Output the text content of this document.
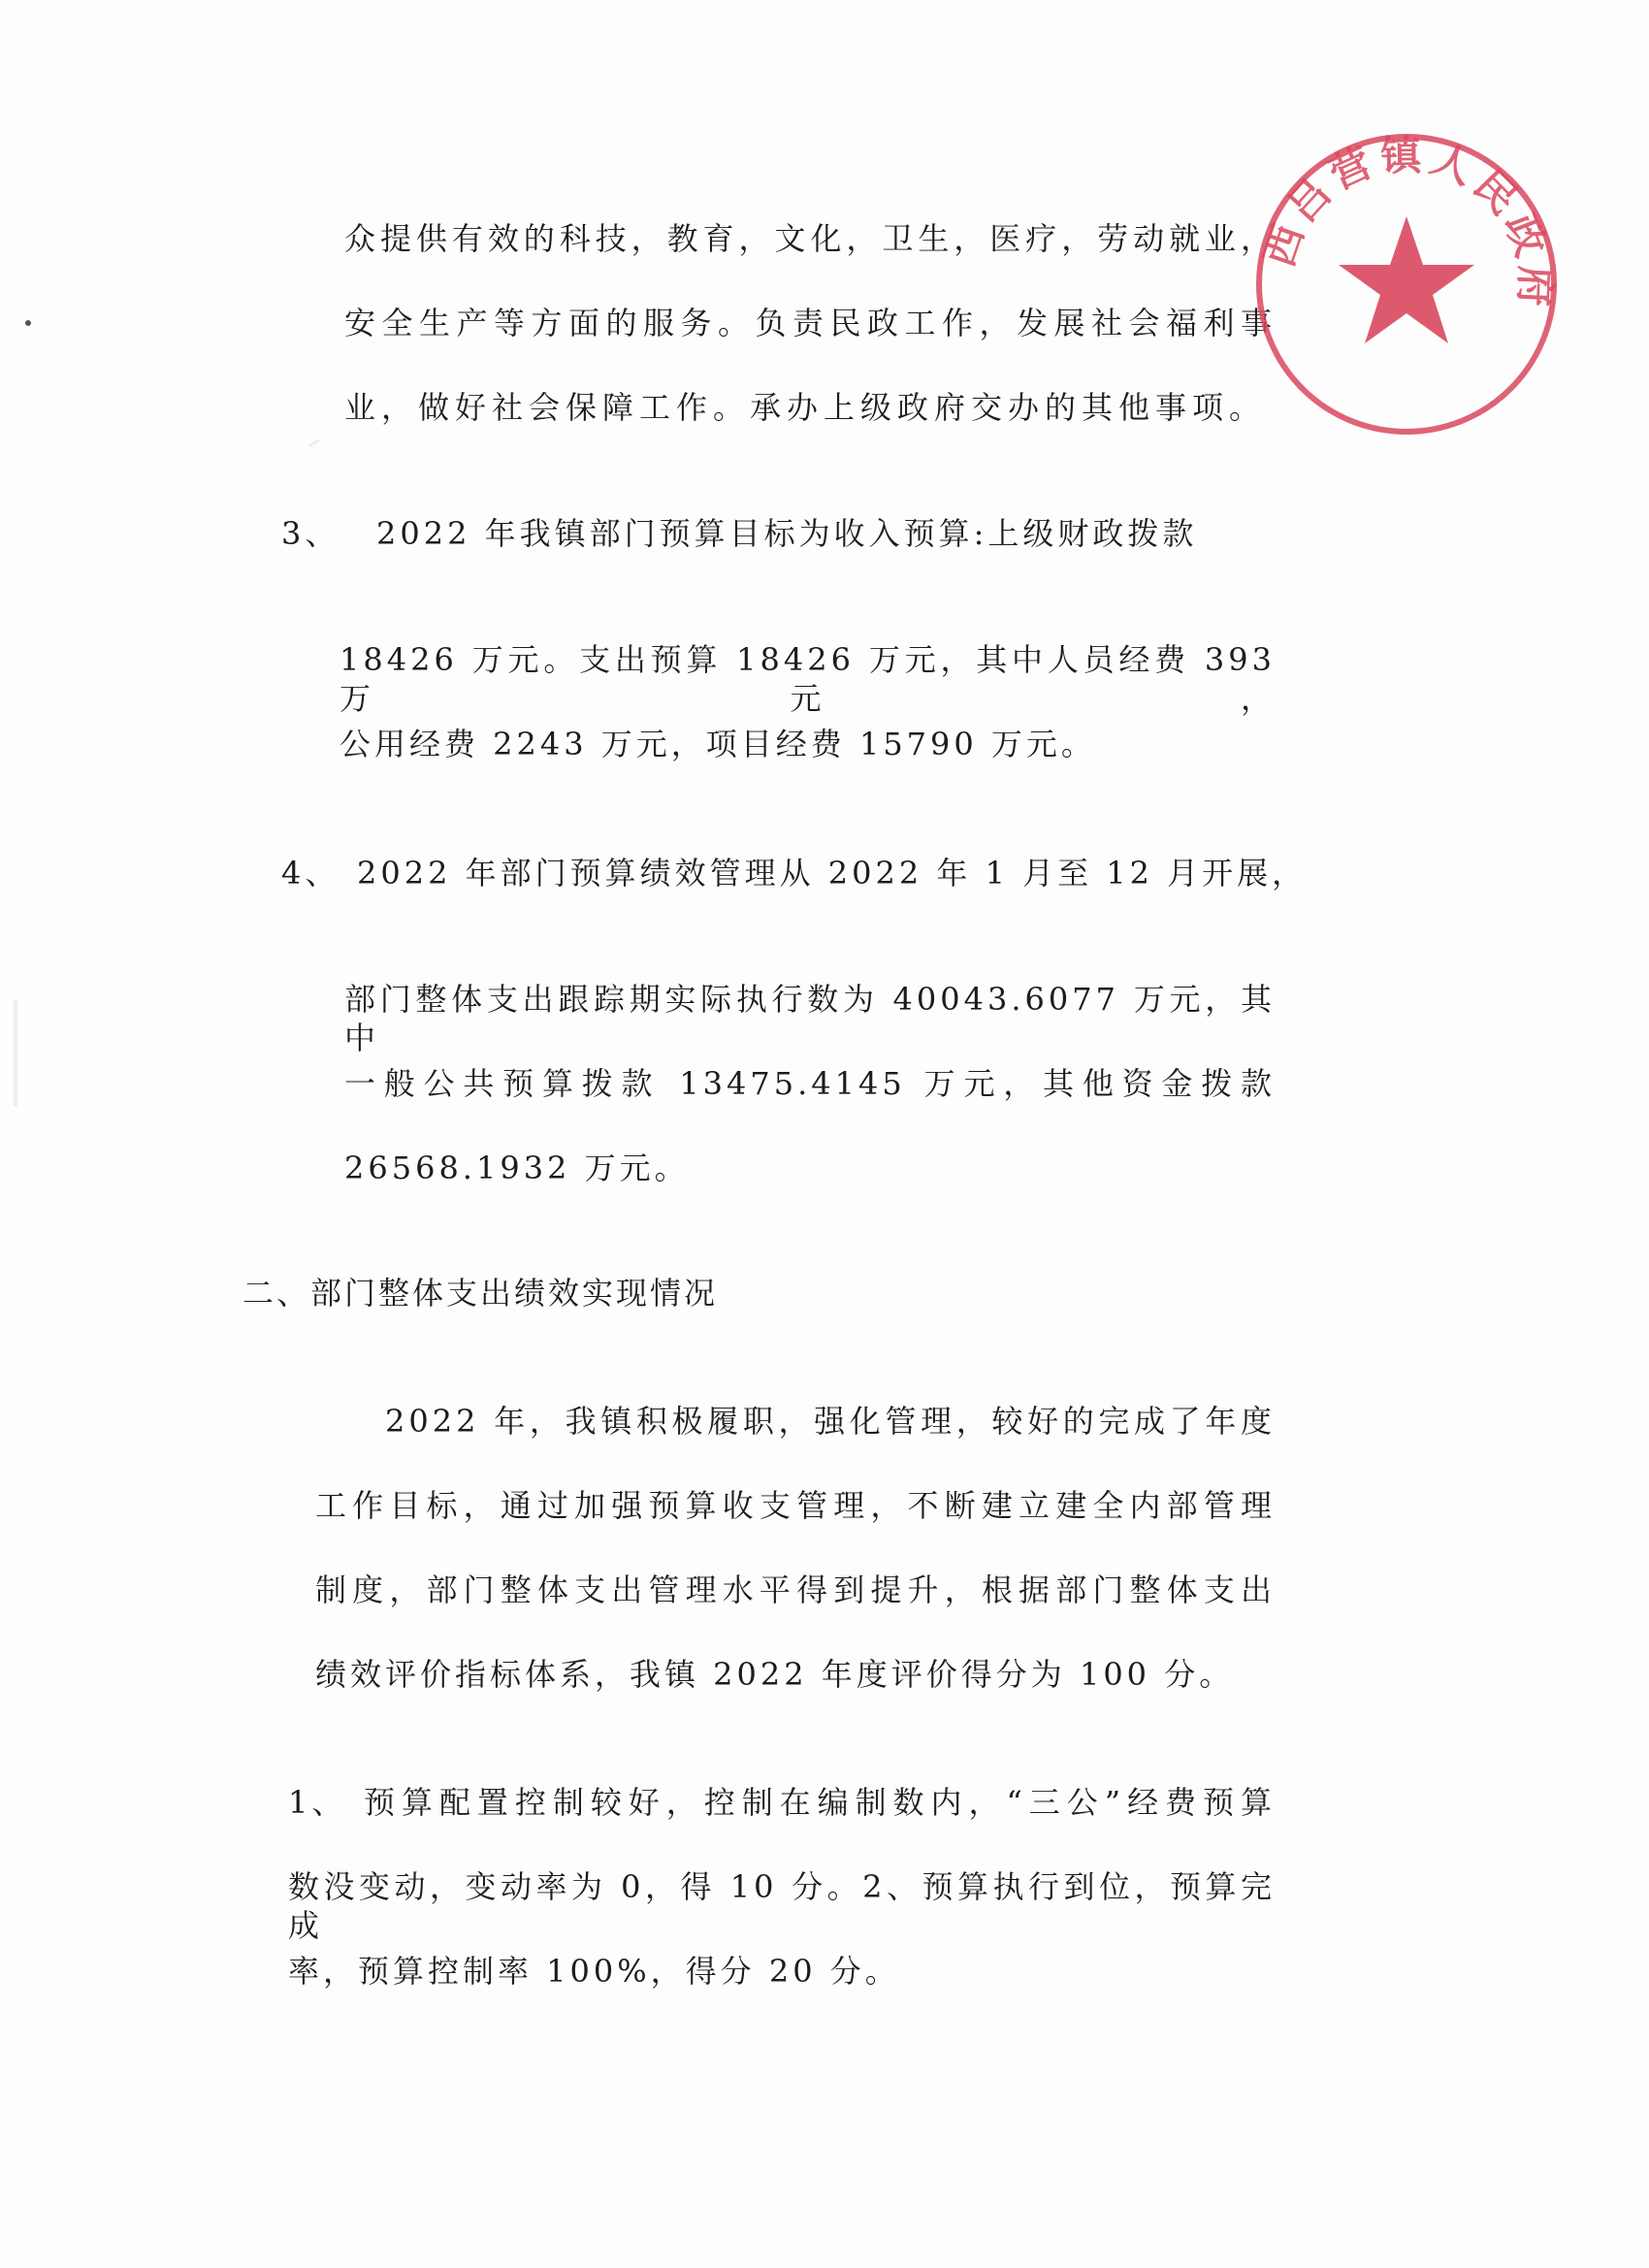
众提供有效的科技，教育，文化，卫生，医疗，劳动就业，
安全生产等方面的服务。负责民政工作，发展社会福利事
业，做好社会保障工作。承办上级政府交办的其他事项。
3、 2022 年我镇部门预算目标为收入预算:上级财政拨款
18426 万元。支出预算 18426 万元，其中人员经费 393 万元，
公用经费 2243 万元，项目经费 15790 万元。
4、 2022 年部门预算绩效管理从 2022 年 1 月至 12 月开展，
部门整体支出跟踪期实际执行数为 40043.6077 万元，其中
一般公共预算拨款 13475.4145 万元，其他资金拨款
26568.1932 万元。
二、部门整体支出绩效实现情况
2022 年，我镇积极履职，强化管理，较好的完成了年度
工作目标，通过加强预算收支管理，不断建立建全内部管理
制度，部门整体支出管理水平得到提升，根据部门整体支出
绩效评价指标体系，我镇 2022 年度评价得分为 100 分。
1、 预算配置控制较好，控制在编制数内，“三公”经费预算
数没变动，变动率为 0，得 10 分。2、预算执行到位，预算完成
率，预算控制率 100%，得分 20 分。
西吕营镇人民政府
